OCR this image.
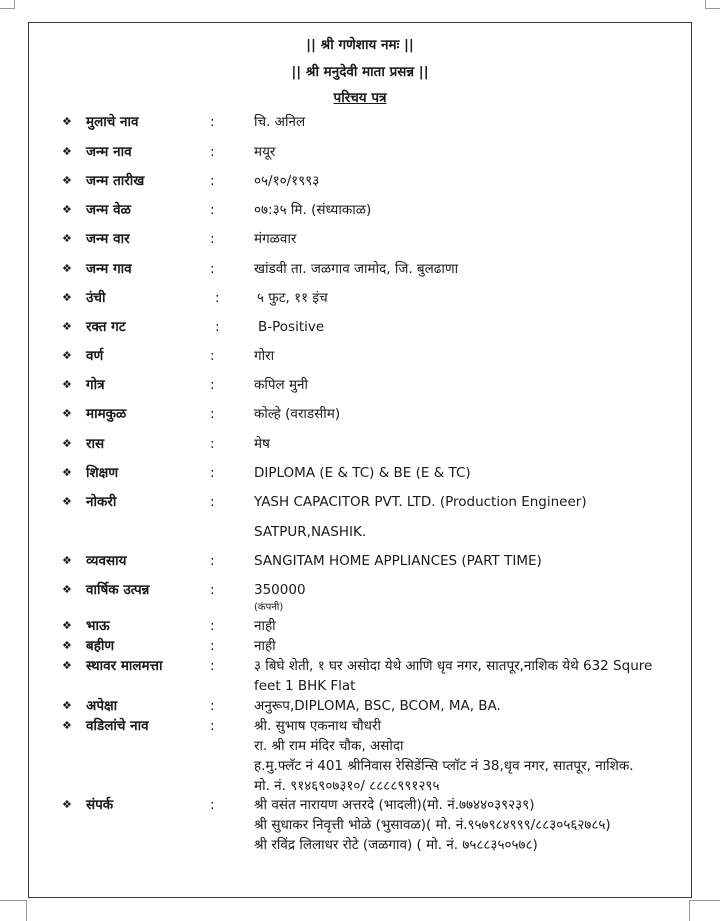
|| श्री गणेशाय नमः ||
|| श्री मनुदेवी माता प्रसन्न ||
परिचय पत्र
❖ मुलाचे नाव	:	चि. अनिल
❖ जन्म नाव	:	मयूर
❖ जन्म तारीख	:	०५/१०/१९९३
❖ जन्म वेळ	:	०७:३५ मि. (संध्याकाळ)
❖ जन्म वार	:	मंगळवार
❖ जन्म गाव	:	खांडवी ता. जळगाव जामोद, जि. बुलढाणा
❖ उंची	:	५ फुट, ११ इंच
❖ रक्त गट	:	B-Positive
❖ वर्ण	:	गोरा
❖ गोत्र	:	कपिल मुनी
❖ मामकुळ	:	कोल्हे (वराडसीम)
❖ रास	:	मेष
❖ शिक्षण	:	DIPLOMA (E & TC) & BE (E & TC)
❖ नोकरी	:	YASH CAPACITOR PVT. LTD. (Production Engineer)
SATPUR,NASHIK.
❖ व्यवसाय	:	SANGITAM HOME APPLIANCES (PART TIME)
❖ वार्षिक उत्पन्न	:	350000
(कंपनी)
❖ भाऊ	:	नाही
❖ बहीण	:	नाही
❖ स्थावर मालमत्ता	:	३ बिघे शेती, १ घर असोदा येथे आणि धृव नगर, सातपूर,नाशिक येथे 632 Squre
feet 1 BHK Flat
❖ अपेक्षा	:	अनुरूप,DIPLOMA, BSC, BCOM, MA, BA.
❖ वडिलांचे नाव	:	श्री. सुभाष एकनाथ चौधरी
रा. श्री राम मंदिर चौक, असोदा
ह.मु.फ्लॅट नं 401 श्रीनिवास रेसिडेंन्सि प्लॉट नं 38,धृव नगर, सातपूर, नाशिक.
मो. नं. ९१४६९०७३१०/ ८८८८९९१२९५
❖ संपर्क	:	श्री वसंत नारायण अत्तरदे (भादली)(मो. नं.७७४४०३९२३९)
श्री सुधाकर निवृत्ती भोळे (भुसावळ)( मो. नं.९५७९८४९९९/८८३०५६२७८५)
श्री रविंद्र लिलाधर रोटे (जळगाव) ( मो. नं. ७५८८३५०५७८)
